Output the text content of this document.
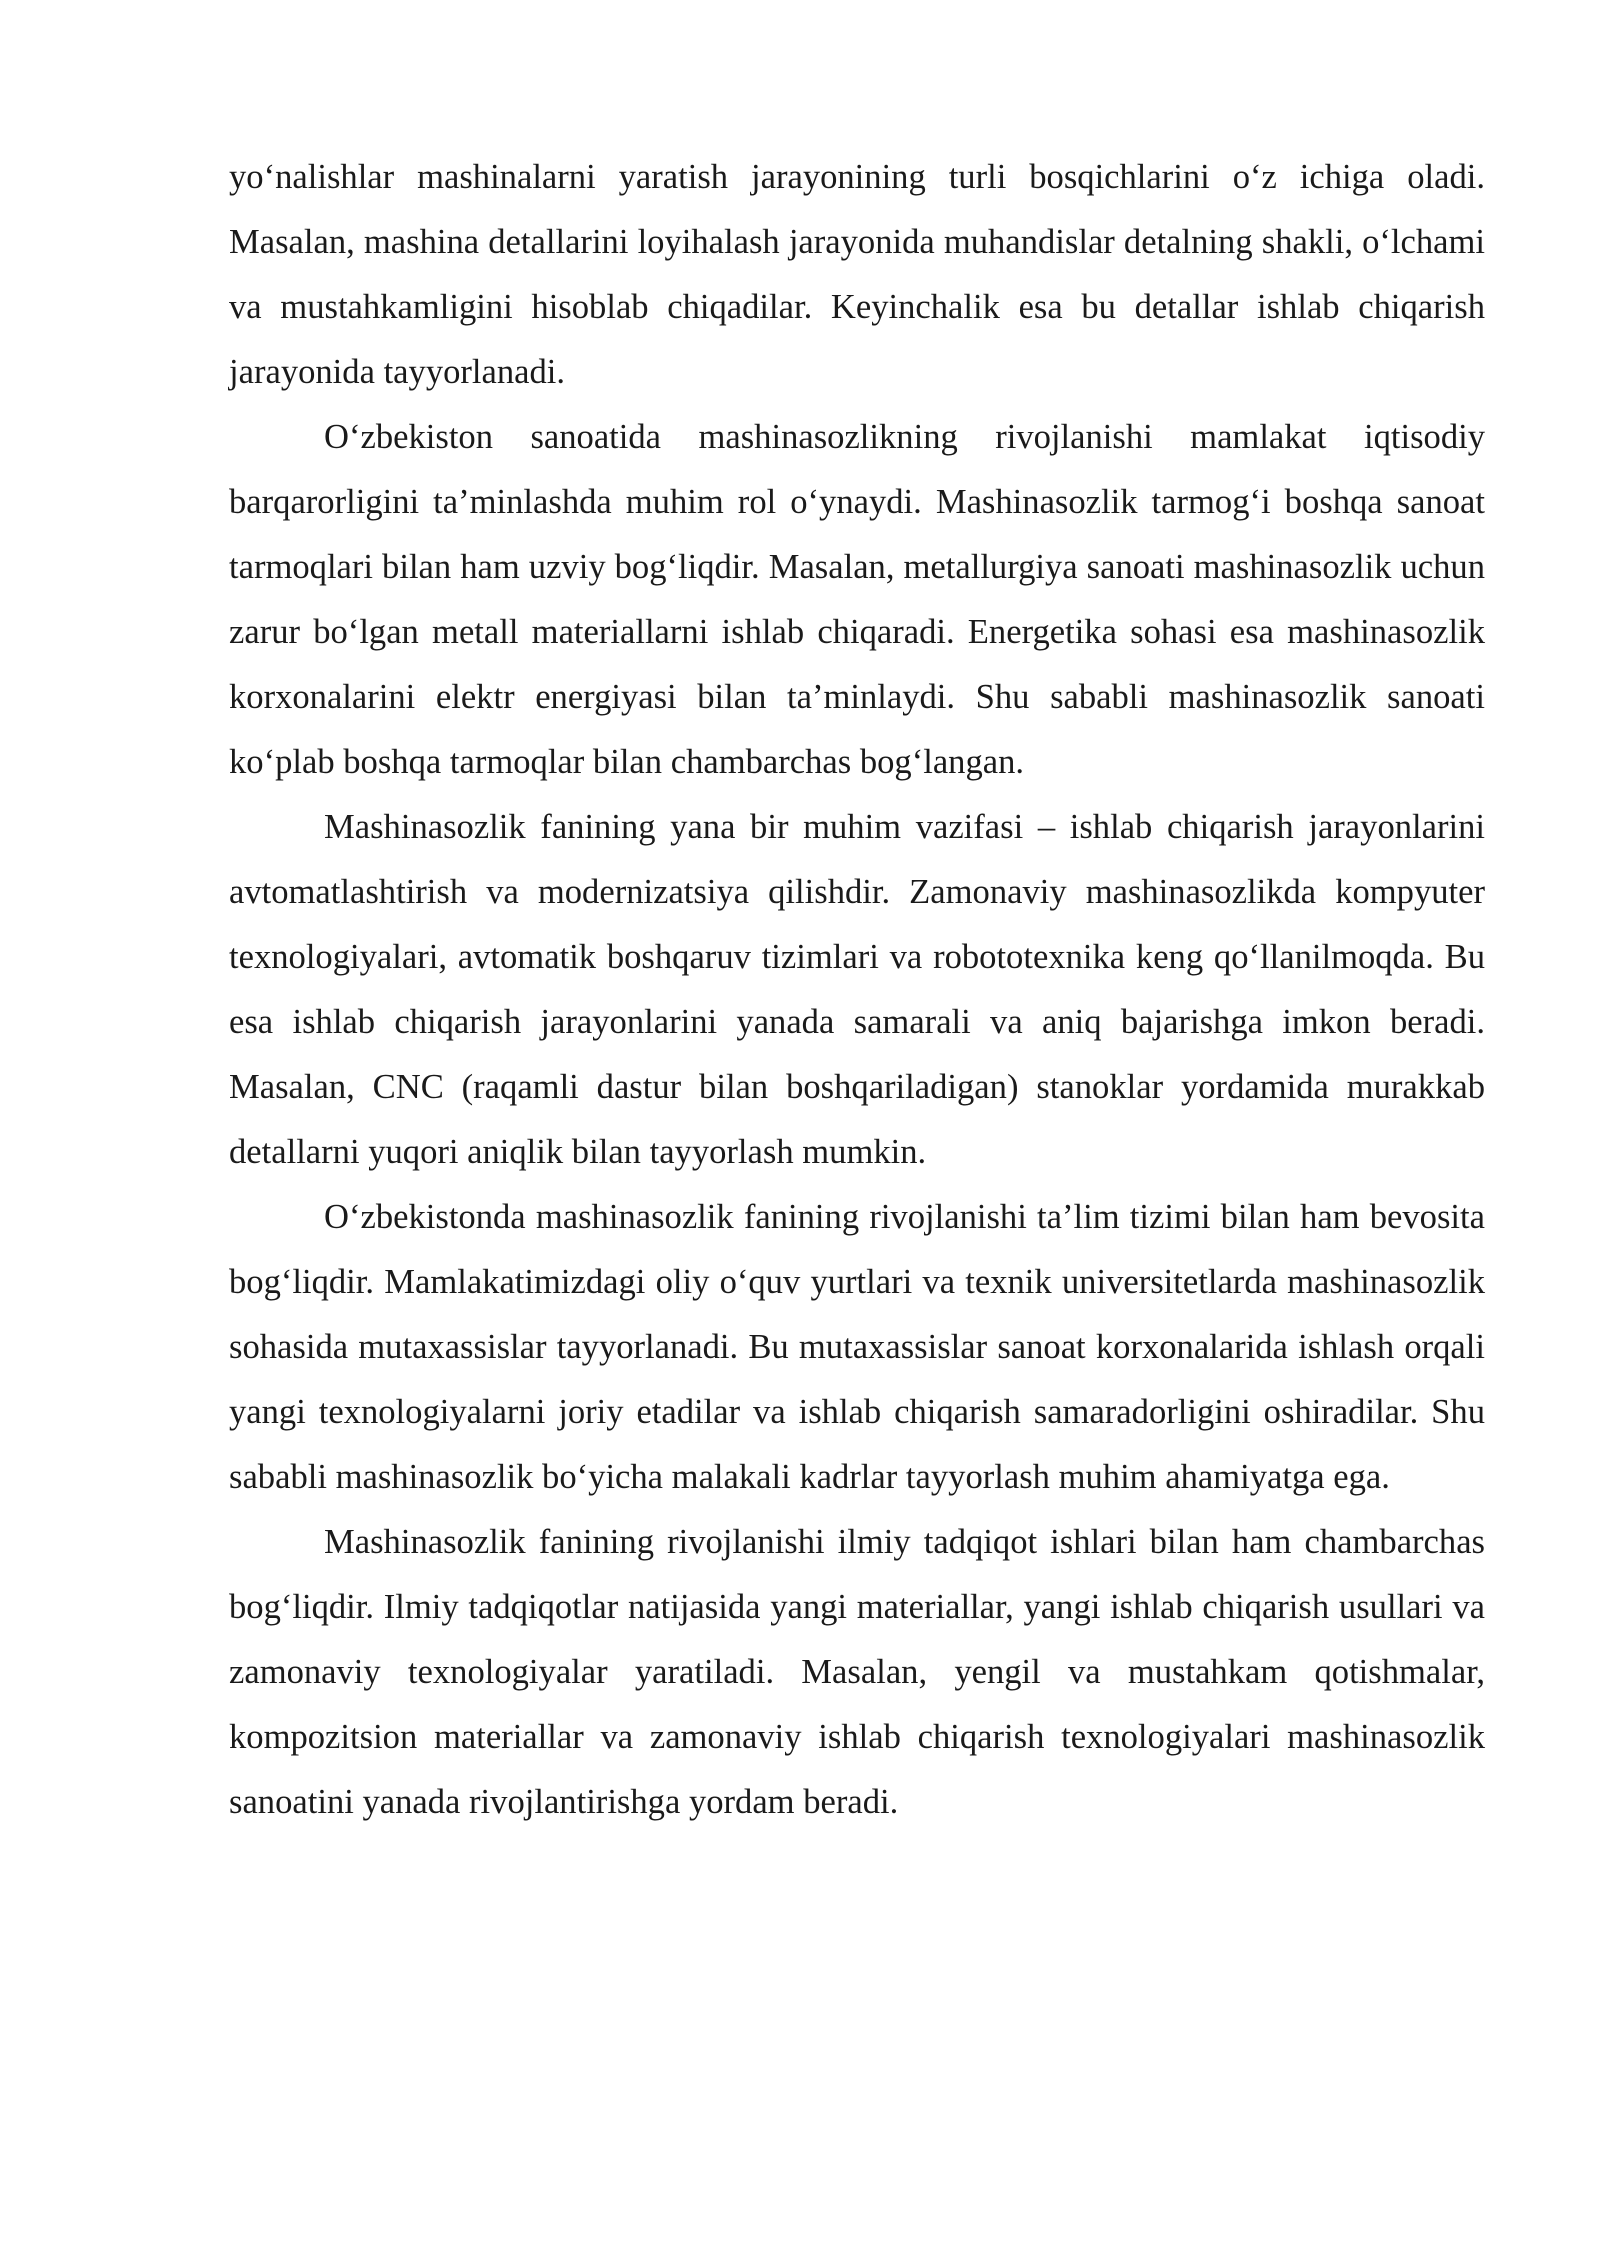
yo‘nalishlar mashinalarni yaratish jarayonining turli bosqichlarini o‘z ichiga oladi. Masalan, mashina detallarini loyihalash jarayonida muhandislar detalning shakli, o‘lchami va mustahkamligini hisoblab chiqadilar. Keyinchalik esa bu detallar ishlab chiqarish jarayonida tayyorlanadi.

O‘zbekiston sanoatida mashinasozlikning rivojlanishi mamlakat iqtisodiy barqarorligini ta’minlashda muhim rol o‘ynaydi. Mashinasozlik tarmog‘i boshqa sanoat tarmoqlari bilan ham uzviy bog‘liqdir. Masalan, metallurgiya sanoati mashinasozlik uchun zarur bo‘lgan metall materiallarni ishlab chiqaradi. Energetika sohasi esa mashinasozlik korxonalarini elektr energiyasi bilan ta’minlaydi. Shu sababli mashinasozlik sanoati ko‘plab boshqa tarmoqlar bilan chambarchas bog‘langan.

Mashinasozlik fanining yana bir muhim vazifasi – ishlab chiqarish jarayonlarini avtomatlashtirish va modernizatsiya qilishdir. Zamonaviy mashinasozlikda kompyuter texnologiyalari, avtomatik boshqaruv tizimlari va robototexnika keng qo‘llanilmoqda. Bu esa ishlab chiqarish jarayonlarini yanada samarali va aniq bajarishga imkon beradi. Masalan, CNC (raqamli dastur bilan boshqariladigan) stanoklar yordamida murakkab detallarni yuqori aniqlik bilan tayyorlash mumkin.

O‘zbekistonda mashinasozlik fanining rivojlanishi ta’lim tizimi bilan ham bevosita bog‘liqdir. Mamlakatimizdagi oliy o‘quv yurtlari va texnik universitetlarda mashinasozlik sohasida mutaxassislar tayyorlanadi. Bu mutaxassislar sanoat korxonalarida ishlash orqali yangi texnologiyalarni joriy etadilar va ishlab chiqarish samaradorligini oshiradilar. Shu sababli mashinasozlik bo‘yicha malakali kadrlar tayyorlash muhim ahamiyatga ega.

Mashinasozlik fanining rivojlanishi ilmiy tadqiqot ishlari bilan ham chambarchas bog‘liqdir. Ilmiy tadqiqotlar natijasida yangi materiallar, yangi ishlab chiqarish usullari va zamonaviy texnologiyalar yaratiladi. Masalan, yengil va mustahkam qotishmalar, kompozitsion materiallar va zamonaviy ishlab chiqarish texnologiyalari mashinasozlik sanoatini yanada rivojlantirishga yordam beradi.
